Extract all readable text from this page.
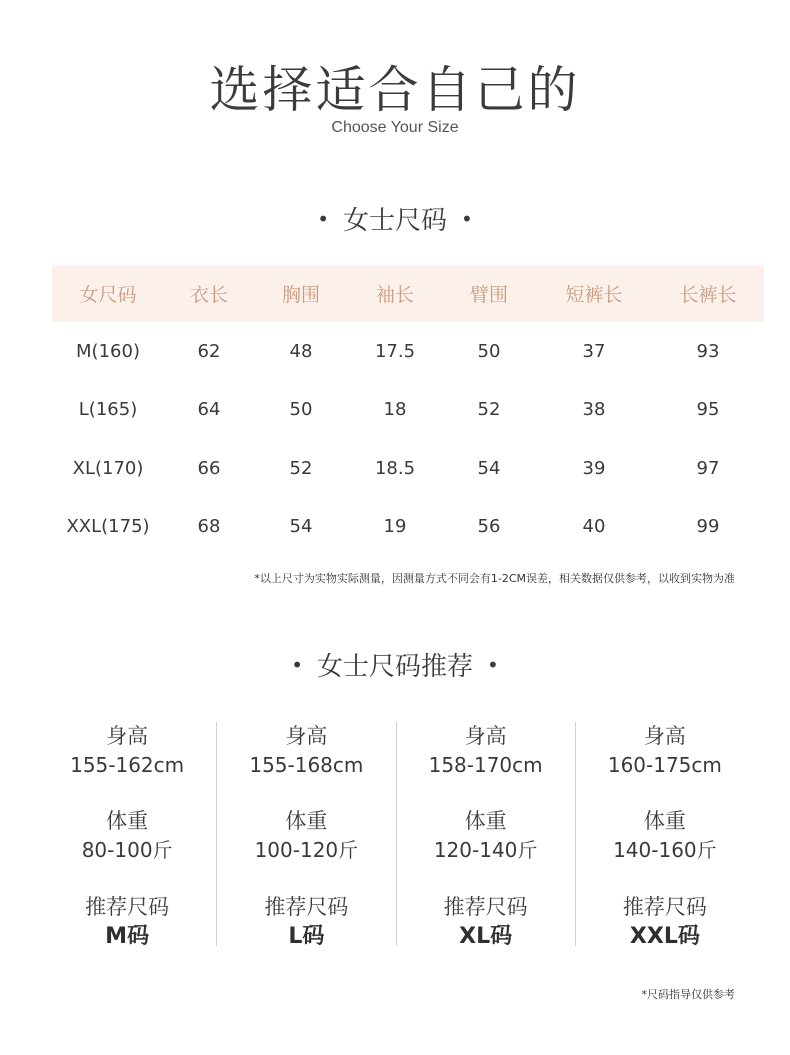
选择适合自己的
Choose Your Size
• 女士尺码 •
女尺码	衣长	胸围	袖长	臂围	短裤长	长裤长
M(160)	62	48	17.5	50	37	93
L(165)	64	50	18	52	38	95
XL(170)	66	52	18.5	54	39	97
XXL(175)	68	54	19	56	40	99
*以上尺寸为实物实际测量，因测量方式不同会有1-2CM误差，相关数据仅供参考，以收到实物为准
• 女士尺码推荐 •
身高
155-162cm
体重
80-100斤
推荐尺码
M码
身高
155-168cm
体重
100-120斤
推荐尺码
L码
身高
158-170cm
体重
120-140斤
推荐尺码
XL码
身高
160-175cm
体重
140-160斤
推荐尺码
XXL码
*尺码指导仅供参考
